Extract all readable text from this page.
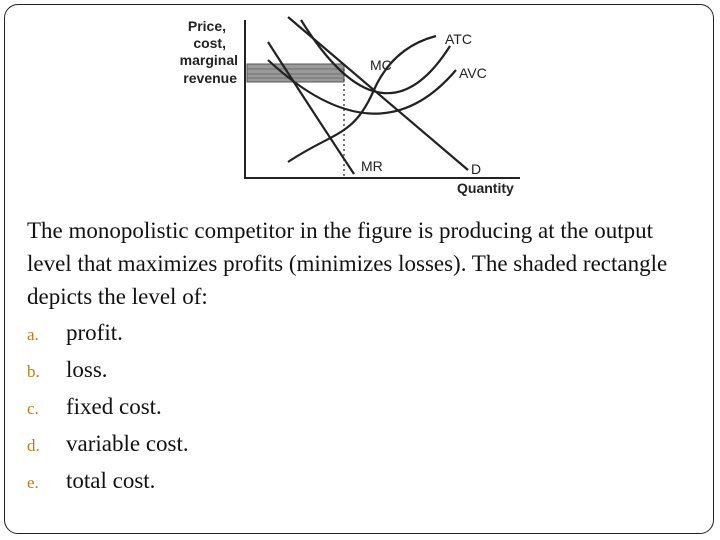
Price,
cost,
marginal
revenue
ATC
AVC
MC
MR	D
Quantity

The monopolistic competitor in the figure is producing at the output level that maximizes profits (minimizes losses). The shaded rectangle depicts the level of:

a. profit.
b. loss.
c. fixed cost.
d. variable cost.
e. total cost.
